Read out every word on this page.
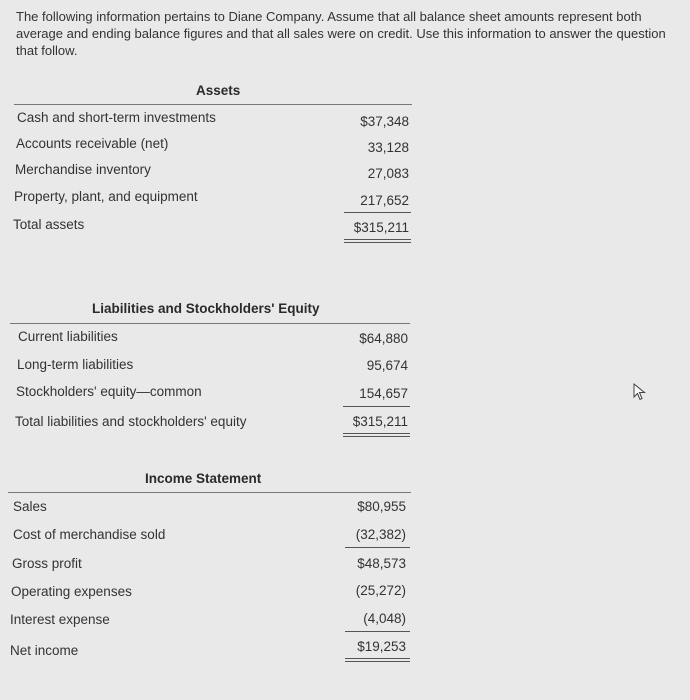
The following information pertains to Diane Company. Assume that all balance sheet amounts represent both average and ending balance figures and that all sales were on credit. Use this information to answer the question that follow.
Assets
Cash and short-term investments	$37,348
Accounts receivable (net)	33,128
Merchandise inventory	27,083
Property, plant, and equipment	217,652
Total assets	$315,211
Liabilities and Stockholders' Equity
Current liabilities	$64,880
Long-term liabilities	95,674
Stockholders' equity—common	154,657
Total liabilities and stockholders' equity	$315,211
Income Statement
Sales	$80,955
Cost of merchandise sold	(32,382)
Gross profit	$48,573
Operating expenses	(25,272)
Interest expense	(4,048)
Net income	$19,253
